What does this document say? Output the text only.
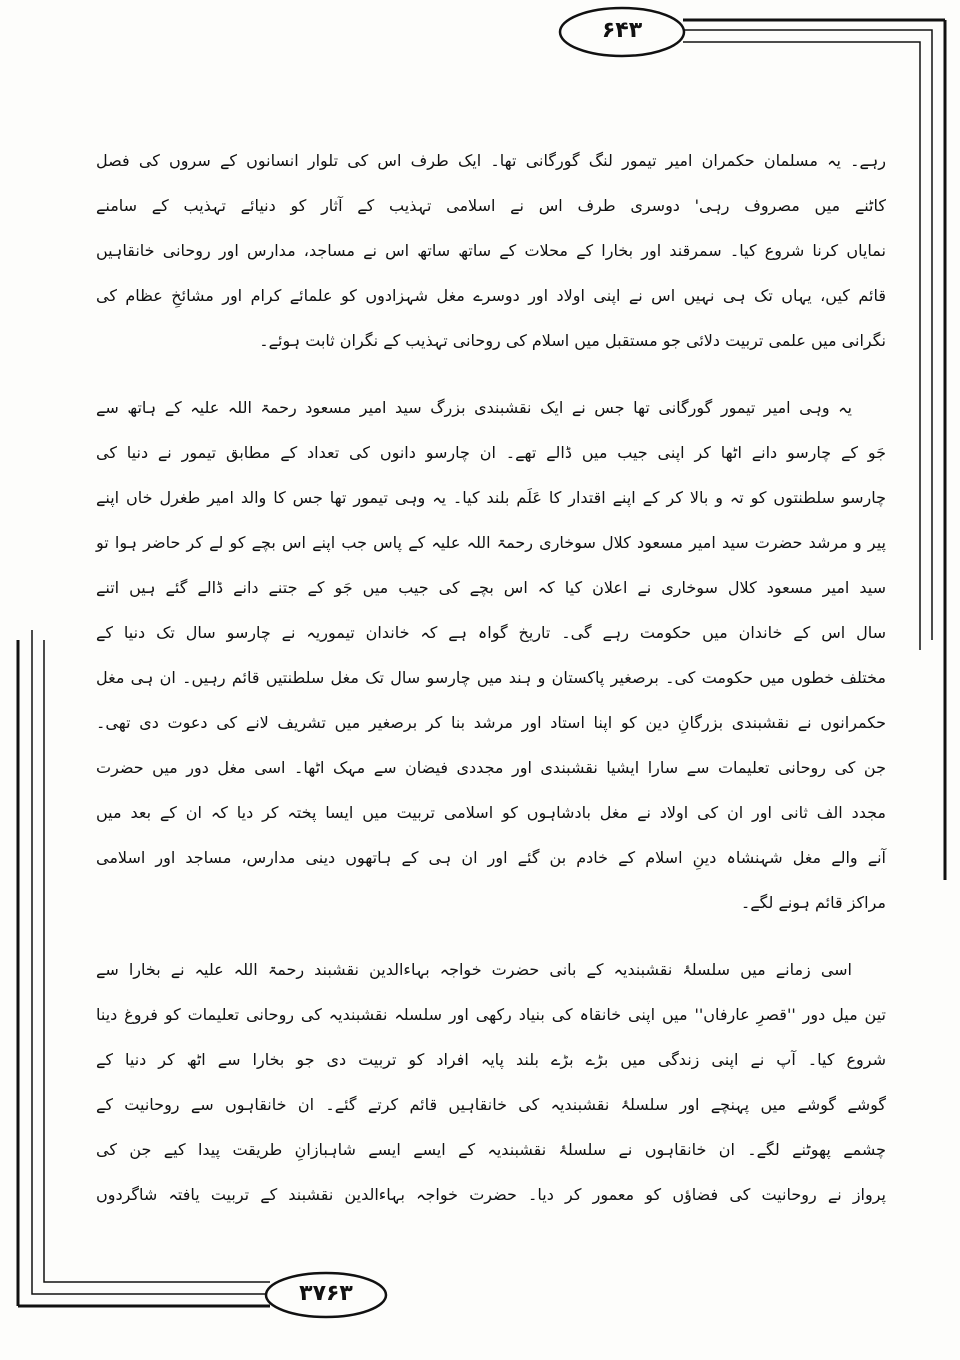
۶۴۳
۳۷۶۳
رہے۔ یہ مسلمان حکمران امیر تیمور لنگ گورگانی تھا۔ ایک طرف اس کی تلوار انسانوں کے سروں کی فصل
کاٹنے میں مصروف رہی' دوسری طرف اس نے اسلامی تہذیب کے آثار کو دنیائے تہذیب کے سامنے
نمایاں کرنا شروع کیا۔ سمرقند اور بخارا کے محلات کے ساتھ ساتھ اس نے مساجد، مدارس اور روحانی خانقاہیں
قائم کیں، یہاں تک ہی نہیں اس نے اپنی اولاد اور دوسرے مغل شہزادوں کو علمائے کرام اور مشائخِ عظام کی
نگرانی میں علمی تربیت دلائی جو مستقبل میں اسلام کی روحانی تہذیب کے نگران ثابت ہوئے۔
یہ وہی امیر تیمور گورگانی تھا جس نے ایک نقشبندی بزرگ سید امیر مسعود رحمۃ اللہ علیہ کے ہاتھ سے
جَو کے چارسو دانے اٹھا کر اپنی جیب میں ڈالے تھے۔ ان چارسو دانوں کی تعداد کے مطابق تیمور نے دنیا کی
چارسو سلطنتوں کو تہ و بالا کر کے اپنے اقتدار کا عَلَم بلند کیا۔ یہ وہی تیمور تھا جس کا والد امیر طغرل خاں اپنے
پیر و مرشد حضرت سید امیر مسعود کلال سوخاری رحمۃ اللہ علیہ کے پاس جب اپنے اس بچے کو لے کر حاضر ہوا تو
سید امیر مسعود کلال سوخاری نے اعلان کیا کہ اس بچے کی جیب میں جَو کے جتنے دانے ڈالے گئے ہیں اتنے
سال اس کے خاندان میں حکومت رہے گی۔ تاریخ گواہ ہے کہ خاندان تیموریہ نے چارسو سال تک دنیا کے
مختلف خطوں میں حکومت کی۔ برصغیر پاکستان و ہند میں چارسو سال تک مغل سلطنتیں قائم رہیں۔ ان ہی مغل
حکمرانوں نے نقشبندی بزرگانِ دین کو اپنا استاد اور مرشد بنا کر برصغیر میں تشریف لانے کی دعوت دی تھی۔
جن کی روحانی تعلیمات سے سارا ایشیا نقشبندی اور مجددی فیضان سے مہک اٹھا۔ اسی مغل دور میں حضرت
مجدد الف ثانی اور ان کی اولاد نے مغل بادشاہوں کو اسلامی تربیت میں ایسا پختہ کر دیا کہ ان کے بعد میں
آنے والے مغل شہنشاہ دینِ اسلام کے خادم بن گئے اور ان ہی کے ہاتھوں دینی مدارس، مساجد اور اسلامی
مراکز قائم ہونے لگے۔
اسی زمانے میں سلسلۂ نقشبندیہ کے بانی حضرت خواجہ بہاءالدین نقشبند رحمۃ اللہ علیہ نے بخارا سے
تین میل دور ''قصرِ عارفاں'' میں اپنی خانقاہ کی بنیاد رکھی اور سلسلہ نقشبندیہ کی روحانی تعلیمات کو فروغ دینا
شروع کیا۔ آپ نے اپنی زندگی میں بڑے بڑے بلند پایہ افراد کو تربیت دی جو بخارا سے اٹھ کر دنیا کے
گوشے گوشے میں پہنچے اور سلسلۂ نقشبندیہ کی خانقاہیں قائم کرتے گئے۔ ان خانقاہوں سے روحانیت کے
چشمے پھوٹنے لگے۔ ان خانقاہوں نے سلسلۂ نقشبندیہ کے ایسے ایسے شاہبازانِ طریقت پیدا کیے جن کی
پرواز نے روحانیت کی فضاؤں کو معمور کر دیا۔ حضرت خواجہ بہاءالدین نقشبند کے تربیت یافتہ شاگردوں
